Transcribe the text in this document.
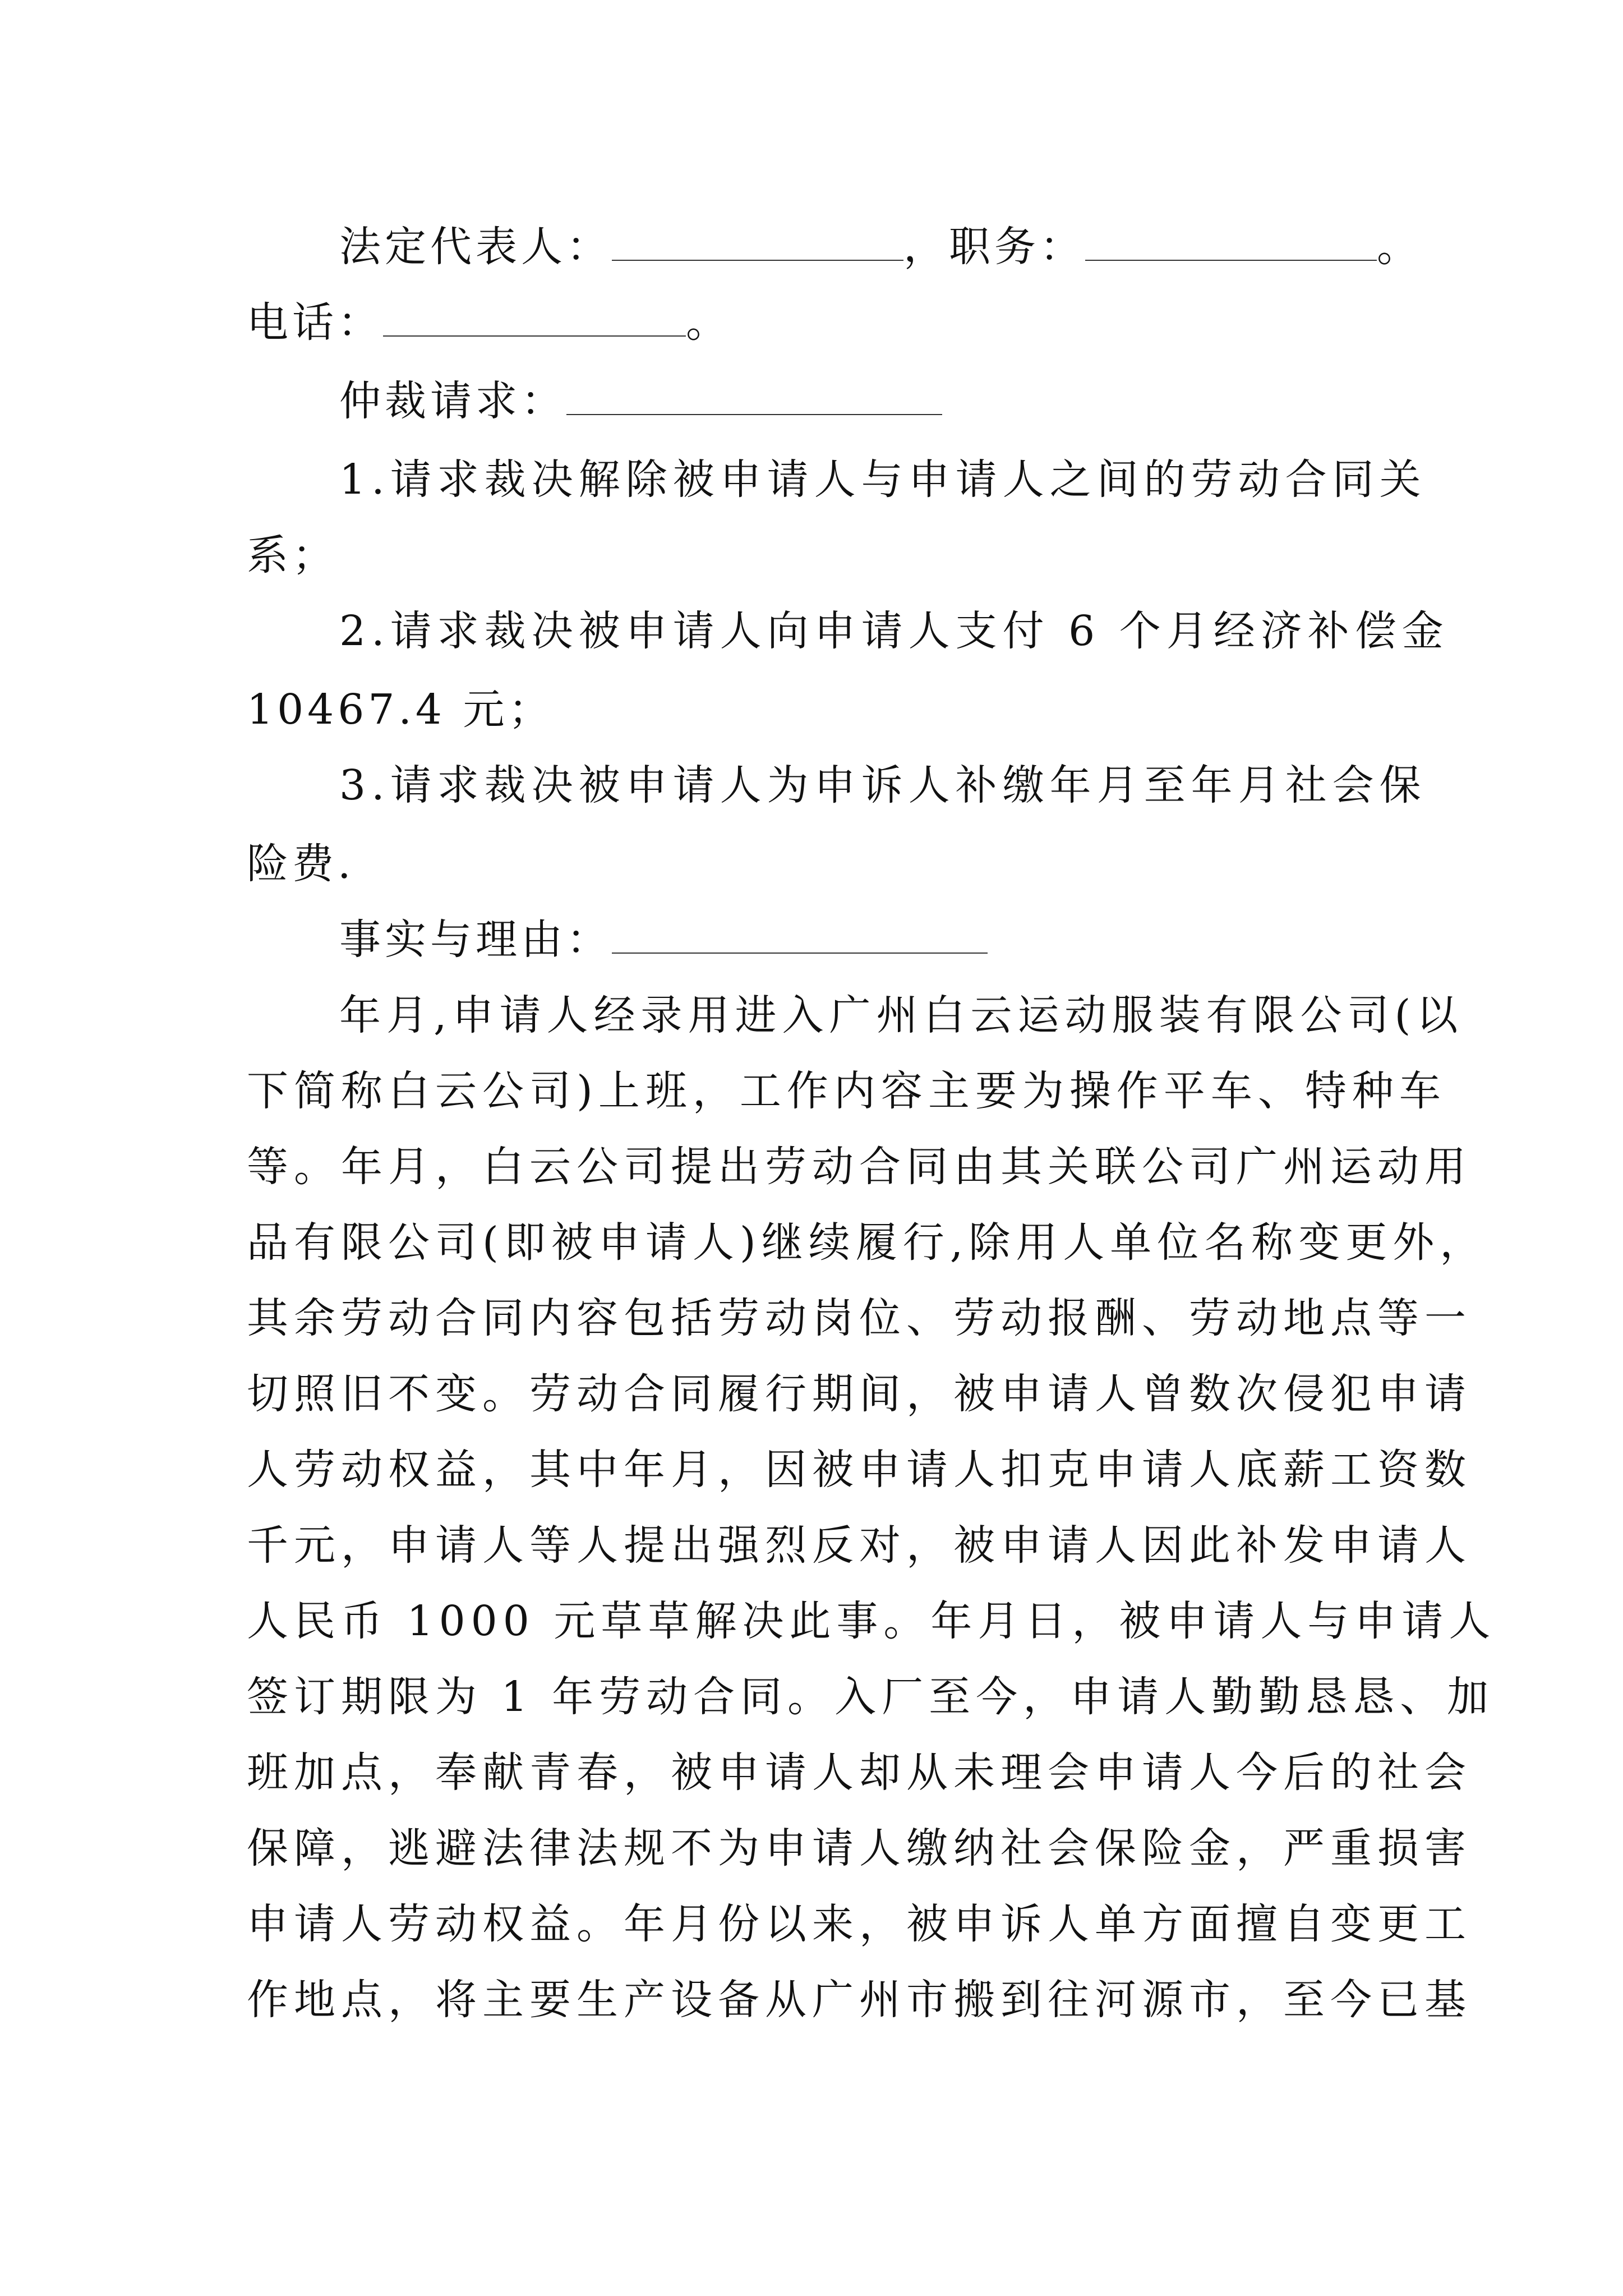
法定代表人：	，职务：	。
电话：	。
仲裁请求：
1.请求裁决解除被申请人与申请人之间的劳动合同关
系；
2.请求裁决被申请人向申请人支付 6 个月经济补偿金
10467.4 元；
3.请求裁决被申请人为申诉人补缴年月至年月社会保
险费.
事实与理由：
年月,申请人经录用进入广州白云运动服装有限公司(以
下简称白云公司)上班，工作内容主要为操作平车、特种车
等。年月，白云公司提出劳动合同由其关联公司广州运动用
品有限公司(即被申请人)继续履行,除用人单位名称变更外，
其余劳动合同内容包括劳动岗位、劳动报酬、劳动地点等一
切照旧不变。劳动合同履行期间，被申请人曾数次侵犯申请
人劳动权益，其中年月，因被申请人扣克申请人底薪工资数
千元，申请人等人提出强烈反对，被申请人因此补发申请人
人民币 1000 元草草解决此事。年月日，被申请人与申请人
签订期限为 1 年劳动合同。入厂至今，申请人勤勤恳恳、加
班加点，奉献青春，被申请人却从未理会申请人今后的社会
保障，逃避法律法规不为申请人缴纳社会保险金，严重损害
申请人劳动权益。年月份以来，被申诉人单方面擅自变更工
作地点，将主要生产设备从广州市搬到往河源市，至今已基
